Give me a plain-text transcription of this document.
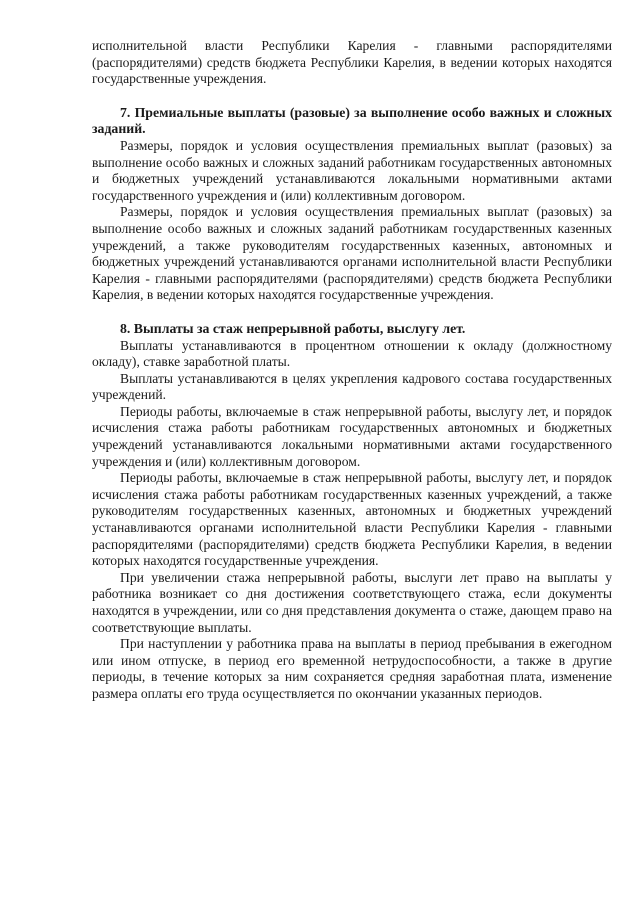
исполнительной власти Республики Карелия - главными распорядителями (распорядителями) средств бюджета Республики Карелия, в ведении которых находятся государственные учреждения.

7. Премиальные выплаты (разовые) за выполнение особо важных и сложных заданий.

Размеры, порядок и условия осуществления премиальных выплат (разовых) за выполнение особо важных и сложных заданий работникам государственных автономных и бюджетных учреждений устанавливаются локальными нормативными актами государственного учреждения и (или) коллективным договором.

Размеры, порядок и условия осуществления премиальных выплат (разовых) за выполнение особо важных и сложных заданий работникам государственных казенных учреждений, а также руководителям государственных казенных, автономных и бюджетных учреждений устанавливаются органами исполнительной власти Республики Карелия - главными распорядителями (распорядителями) средств бюджета Республики Карелия, в ведении которых находятся государственные учреждения.

8. Выплаты за стаж непрерывной работы, выслугу лет.

Выплаты устанавливаются в процентном отношении к окладу (должностному окладу), ставке заработной платы.

Выплаты устанавливаются в целях укрепления кадрового состава государственных учреждений.

Периоды работы, включаемые в стаж непрерывной работы, выслугу лет, и порядок исчисления стажа работы работникам государственных автономных и бюджетных учреждений устанавливаются локальными нормативными актами государственного учреждения и (или) коллективным договором.

Периоды работы, включаемые в стаж непрерывной работы, выслугу лет, и порядок исчисления стажа работы работникам государственных казенных учреждений, а также руководителям государственных казенных, автономных и бюджетных учреждений устанавливаются органами исполнительной власти Республики Карелия - главными распорядителями (распорядителями) средств бюджета Республики Карелия, в ведении которых находятся государственные учреждения.

При увеличении стажа непрерывной работы, выслуги лет право на выплаты у работника возникает со дня достижения соответствующего стажа, если документы находятся в учреждении, или со дня представления документа о стаже, дающем право на соответствующие выплаты.

При наступлении у работника права на выплаты в период пребывания в ежегодном или ином отпуске, в период его временной нетрудоспособности, а также в другие периоды, в течение которых за ним сохраняется средняя заработная плата, изменение размера оплаты его труда осуществляется по окончании указанных периодов.
